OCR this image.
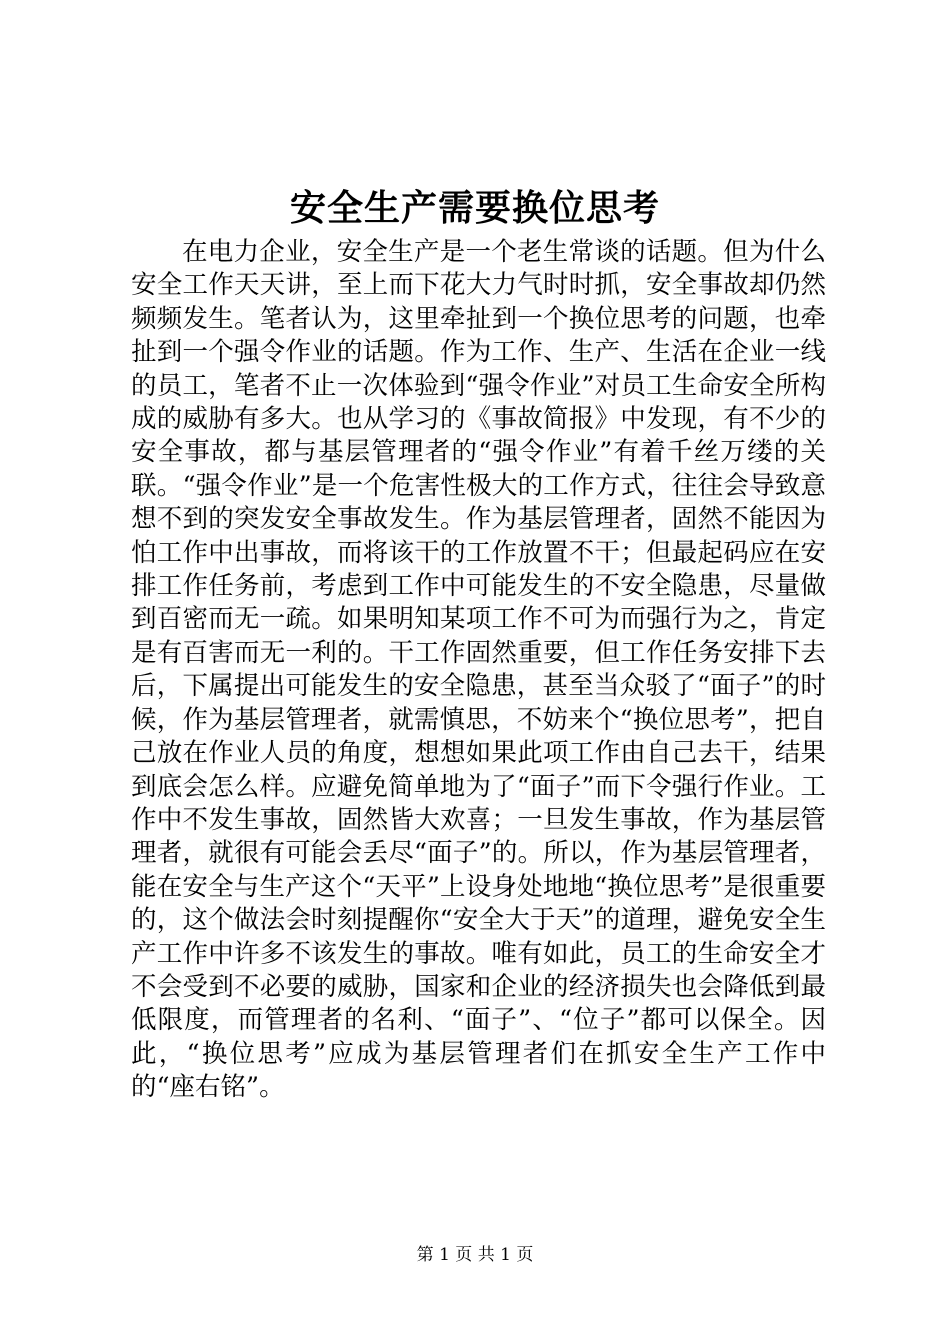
安全生产需要换位思考

在电力企业，安全生产是一个老生常谈的话题。但为什么安全工作天天讲，至上而下花大力气时时抓，安全事故却仍然频频发生。笔者认为，这里牵扯到一个换位思考的问题，也牵扯到一个强令作业的话题。作为工作、生产、生活在企业一线的员工，笔者不止一次体验到“强令作业”对员工生命安全所构成的威胁有多大。也从学习的《事故简报》中发现，有不少的安全事故，都与基层管理者的“强令作业”有着千丝万缕的关联。“强令作业”是一个危害性极大的工作方式，往往会导致意想不到的突发安全事故发生。作为基层管理者，固然不能因为怕工作中出事故，而将该干的工作放置不干；但最起码应在安排工作任务前，考虑到工作中可能发生的不安全隐患，尽量做到百密而无一疏。如果明知某项工作不可为而强行为之，肯定是有百害而无一利的。干工作固然重要，但工作任务安排下去后，下属提出可能发生的安全隐患，甚至当众驳了“面子”的时候，作为基层管理者，就需慎思，不妨来个“换位思考”，把自己放在作业人员的角度，想想如果此项工作由自己去干，结果到底会怎么样。应避免简单地为了“面子”而下令强行作业。工作中不发生事故，固然皆大欢喜；一旦发生事故，作为基层管理者，就很有可能会丢尽“面子”的。所以，作为基层管理者，能在安全与生产这个“天平”上设身处地地“换位思考”是很重要的，这个做法会时刻提醒你“安全大于天”的道理，避免安全生产工作中许多不该发生的事故。唯有如此，员工的生命安全才不会受到不必要的威胁，国家和企业的经济损失也会降低到最低限度，而管理者的名利、“面子”、“位子”都可以保全。因此，“换位思考”应成为基层管理者们在抓安全生产工作中的“座右铭”。

第 1 页 共 1 页
